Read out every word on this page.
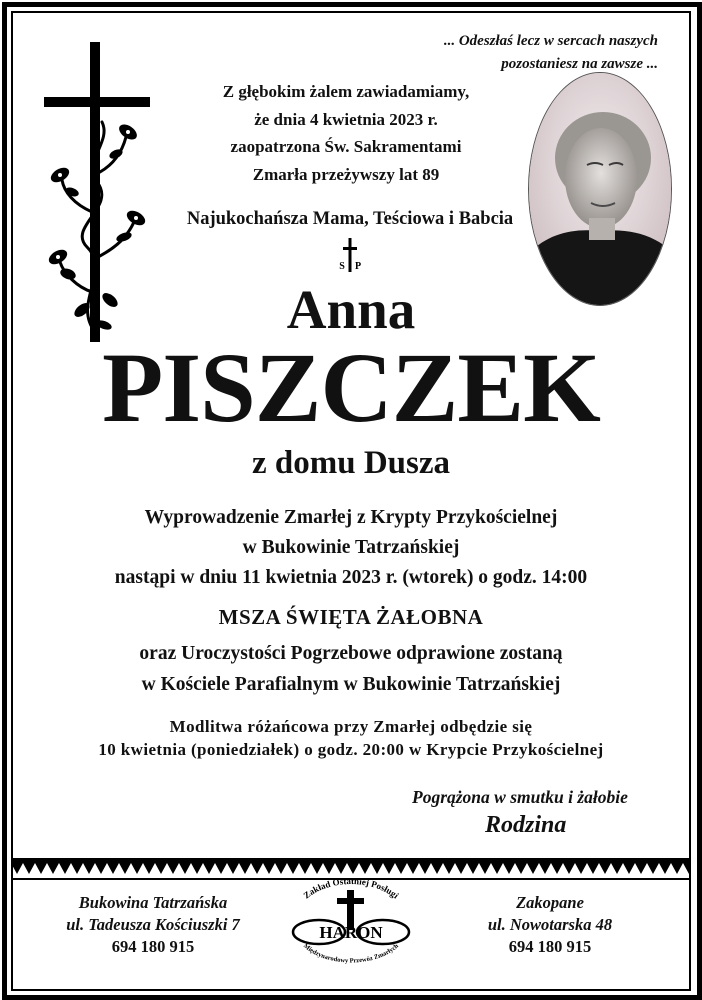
... Odeszłaś lecz w sercach naszych
pozostaniesz na zawsze ...
Z głębokim żalem zawiadamiamy,
że dnia 4 kwietnia 2023 r.
zaopatrzona Św. Sakramentami
Zmarła przeżywszy lat 89
Najukochańsza Mama, Teściowa i Babcia
S P
Anna
PISZCZEK
z domu Dusza
Wyprowadzenie Zmarłej z Krypty Przykościelnej
w Bukowinie Tatrzańskiej
nastąpi w dniu 11 kwietnia 2023 r. (wtorek) o godz. 14:00
MSZA ŚWIĘTA ŻAŁOBNA
oraz Uroczystości Pogrzebowe odprawione zostaną
w Kościele Parafialnym w Bukowinie Tatrzańskiej
Modlitwa różańcowa przy Zmarłej odbędzie się
10 kwietnia (poniedziałek) o godz. 20:00 w Krypcie Przykościelnej
Pogrążona w smutku i żałobie
Rodzina
Bukowina Tatrzańska
ul. Tadeusza Kościuszki 7
694 180 915
Zakład Ostatniej Posługi
HARON
Międzynarodowy Przewóz Zmarłych
Zakopane
ul. Nowotarska 48
694 180 915
